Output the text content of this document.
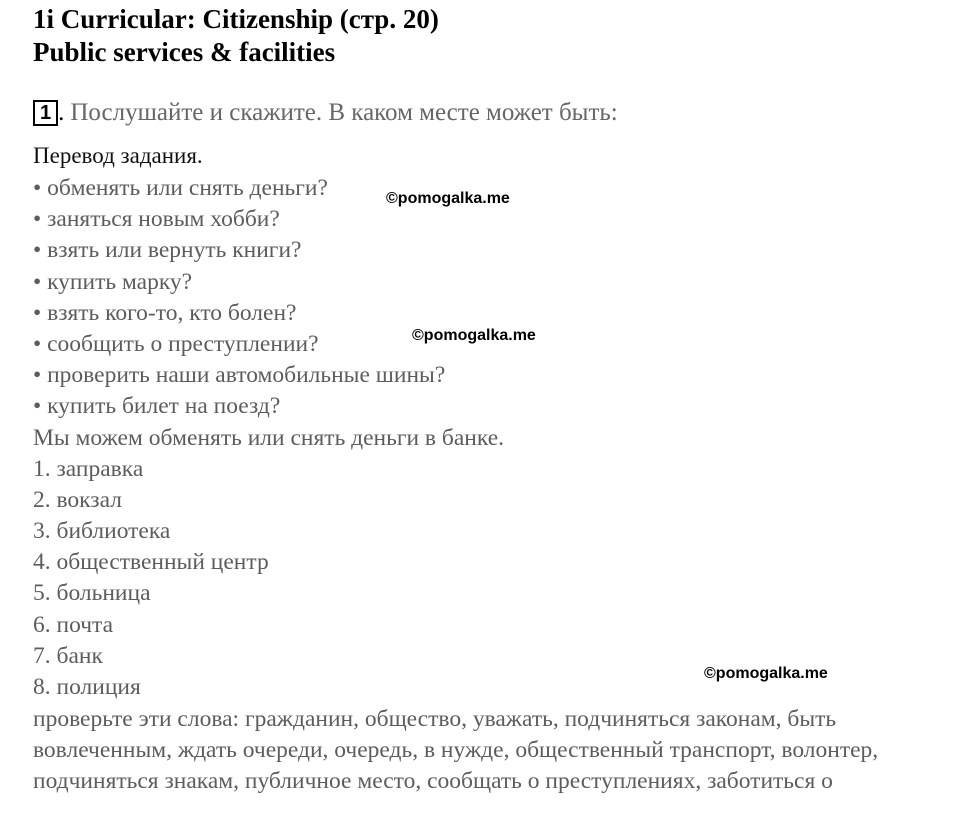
1i Curricular: Citizenship (стр. 20)
Public services & facilities
1 . Послушайте и скажите. В каком месте может быть:
Перевод задания.
• обменять или снять деньги?
• заняться новым хобби?
• взять или вернуть книги?
• купить марку?
• взять кого-то, кто болен?
• сообщить о преступлении?
• проверить наши автомобильные шины?
• купить билет на поезд?
Мы можем обменять или снять деньги в банке.
1. заправка
2. вокзал
3. библиотека
4. общественный центр
5. больница
6. почта
7. банк
8. полиция

проверьте эти слова: гражданин, общество, уважать, подчиняться законам, быть вовлеченным, ждать очереди, очередь, в нужде, общественный транспорт, волонтер, подчиняться знакам, публичное место, сообщать о преступлениях, заботиться о

©pomogalka.me
©pomogalka.me
©pomogalka.me
